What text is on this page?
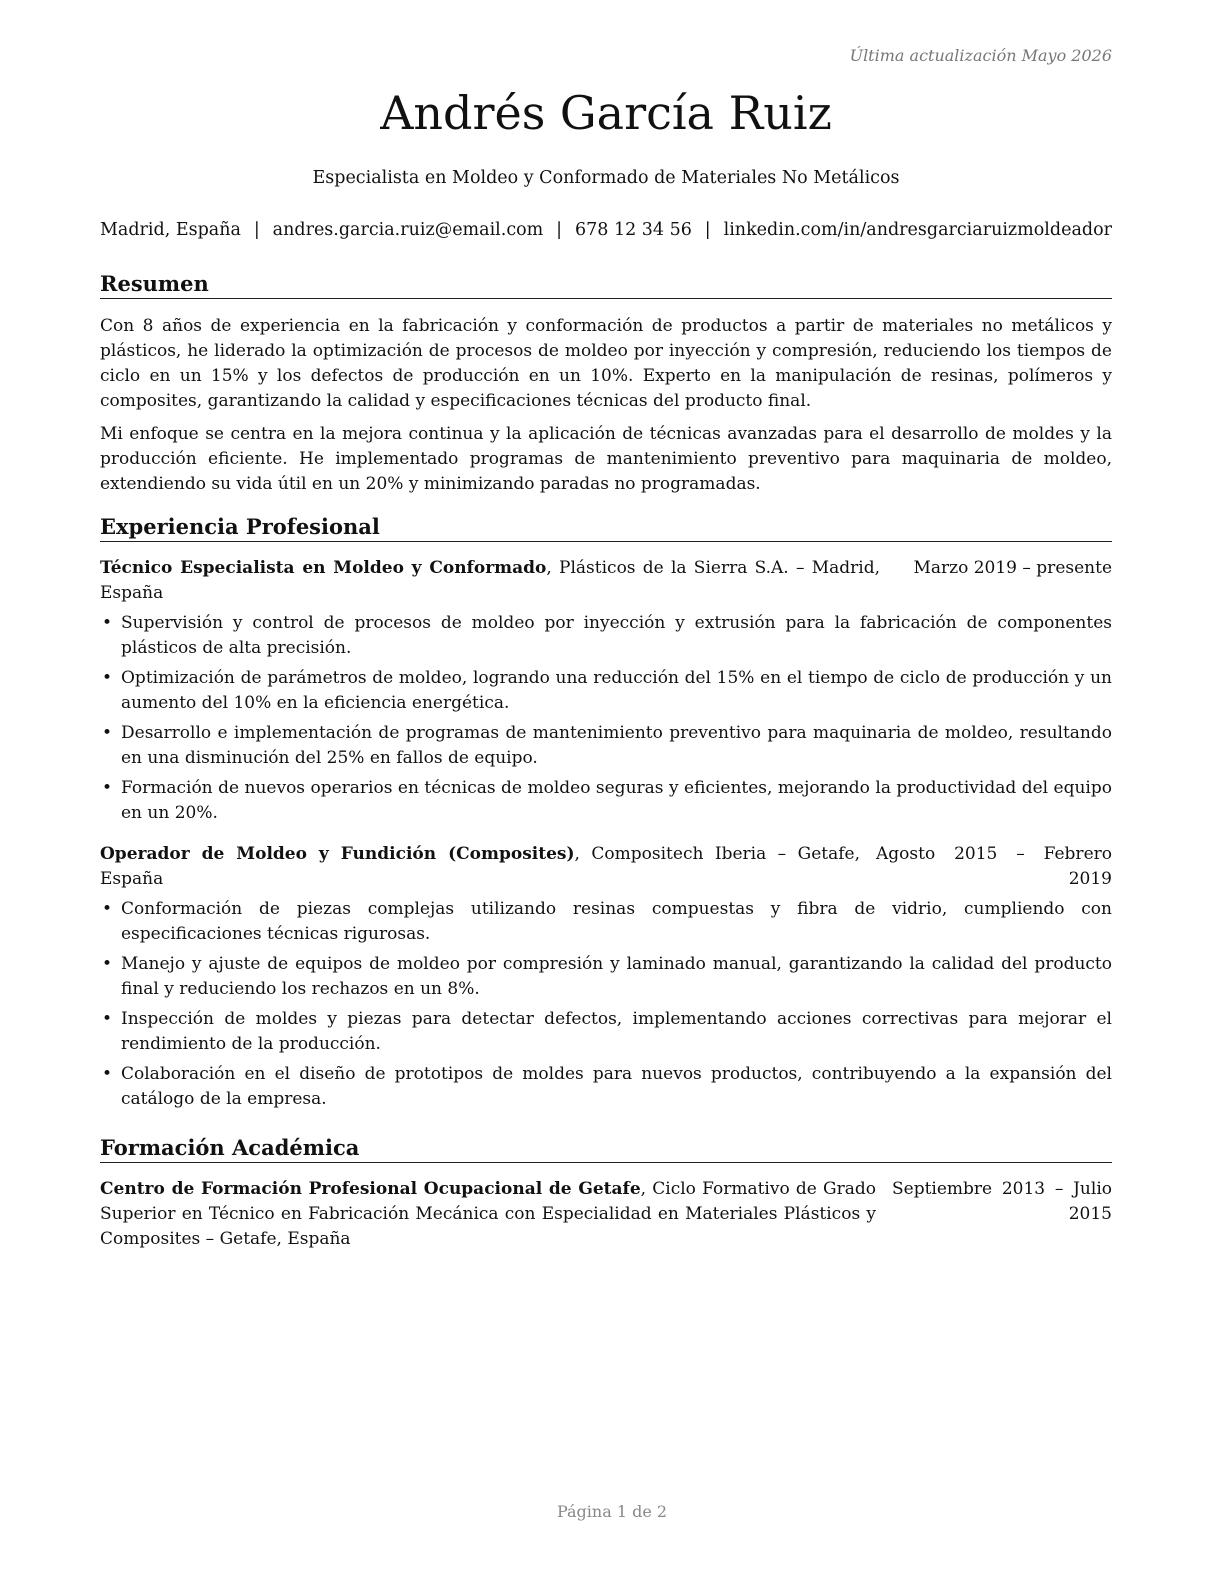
Última actualización Mayo 2026
Andrés García Ruiz
Especialista en Moldeo y Conformado de Materiales No Metálicos
Madrid, España | andres.garcia.ruiz@email.com | 678 12 34 56 | linkedin.com/in/andresgarciaruizmoldeador
Resumen

Con 8 años de experiencia en la fabricación y conformación de productos a partir de materiales no metálicos y plásticos, he liderado la optimización de procesos de moldeo por inyección y compresión, reduciendo los tiempos de ciclo en un 15% y los defectos de producción en un 10%. Experto en la manipulación de resinas, polímeros y composites, garantizando la calidad y especificaciones técnicas del producto final.

Mi enfoque se centra en la mejora continua y la aplicación de técnicas avanzadas para el desarrollo de moldes y la producción eficiente. He implementado programas de mantenimiento preventivo para maquinaria de moldeo, extendiendo su vida útil en un 20% y minimizando paradas no programadas.

Experiencia Profesional
Técnico Especialista en Moldeo y Conformado, Plásticos de la Sierra S.A. – Madrid, España
Marzo 2019 – presente
• Supervisión y control de procesos de moldeo por inyección y extrusión para la fabricación de componentes plásticos de alta precisión.
• Optimización de parámetros de moldeo, logrando una reducción del 15% en el tiempo de ciclo de producción y un aumento del 10% en la eficiencia energética.
• Desarrollo e implementación de programas de mantenimiento preventivo para maquinaria de moldeo, resultando en una disminución del 25% en fallos de equipo.
• Formación de nuevos operarios en técnicas de moldeo seguras y eficientes, mejorando la productividad del equipo en un 20%.
Operador de Moldeo y Fundición (Composites), Compositech Iberia – Getafe, España
Agosto 2015 – Febrero 2019
• Conformación de piezas complejas utilizando resinas compuestas y fibra de vidrio, cumpliendo con especificaciones técnicas rigurosas.
• Manejo y ajuste de equipos de moldeo por compresión y laminado manual, garantizando la calidad del producto final y reduciendo los rechazos en un 8%.
• Inspección de moldes y piezas para detectar defectos, implementando acciones correctivas para mejorar el rendimiento de la producción.
• Colaboración en el diseño de prototipos de moldes para nuevos productos, contribuyendo a la expansión del catálogo de la empresa.
Formación Académica
Centro de Formación Profesional Ocupacional de Getafe, Ciclo Formativo de Grado Superior en Técnico en Fabricación Mecánica con Especialidad en Materiales Plásticos y Composites – Getafe, España
Septiembre 2013 – Julio 2015
Página 1 de 2
